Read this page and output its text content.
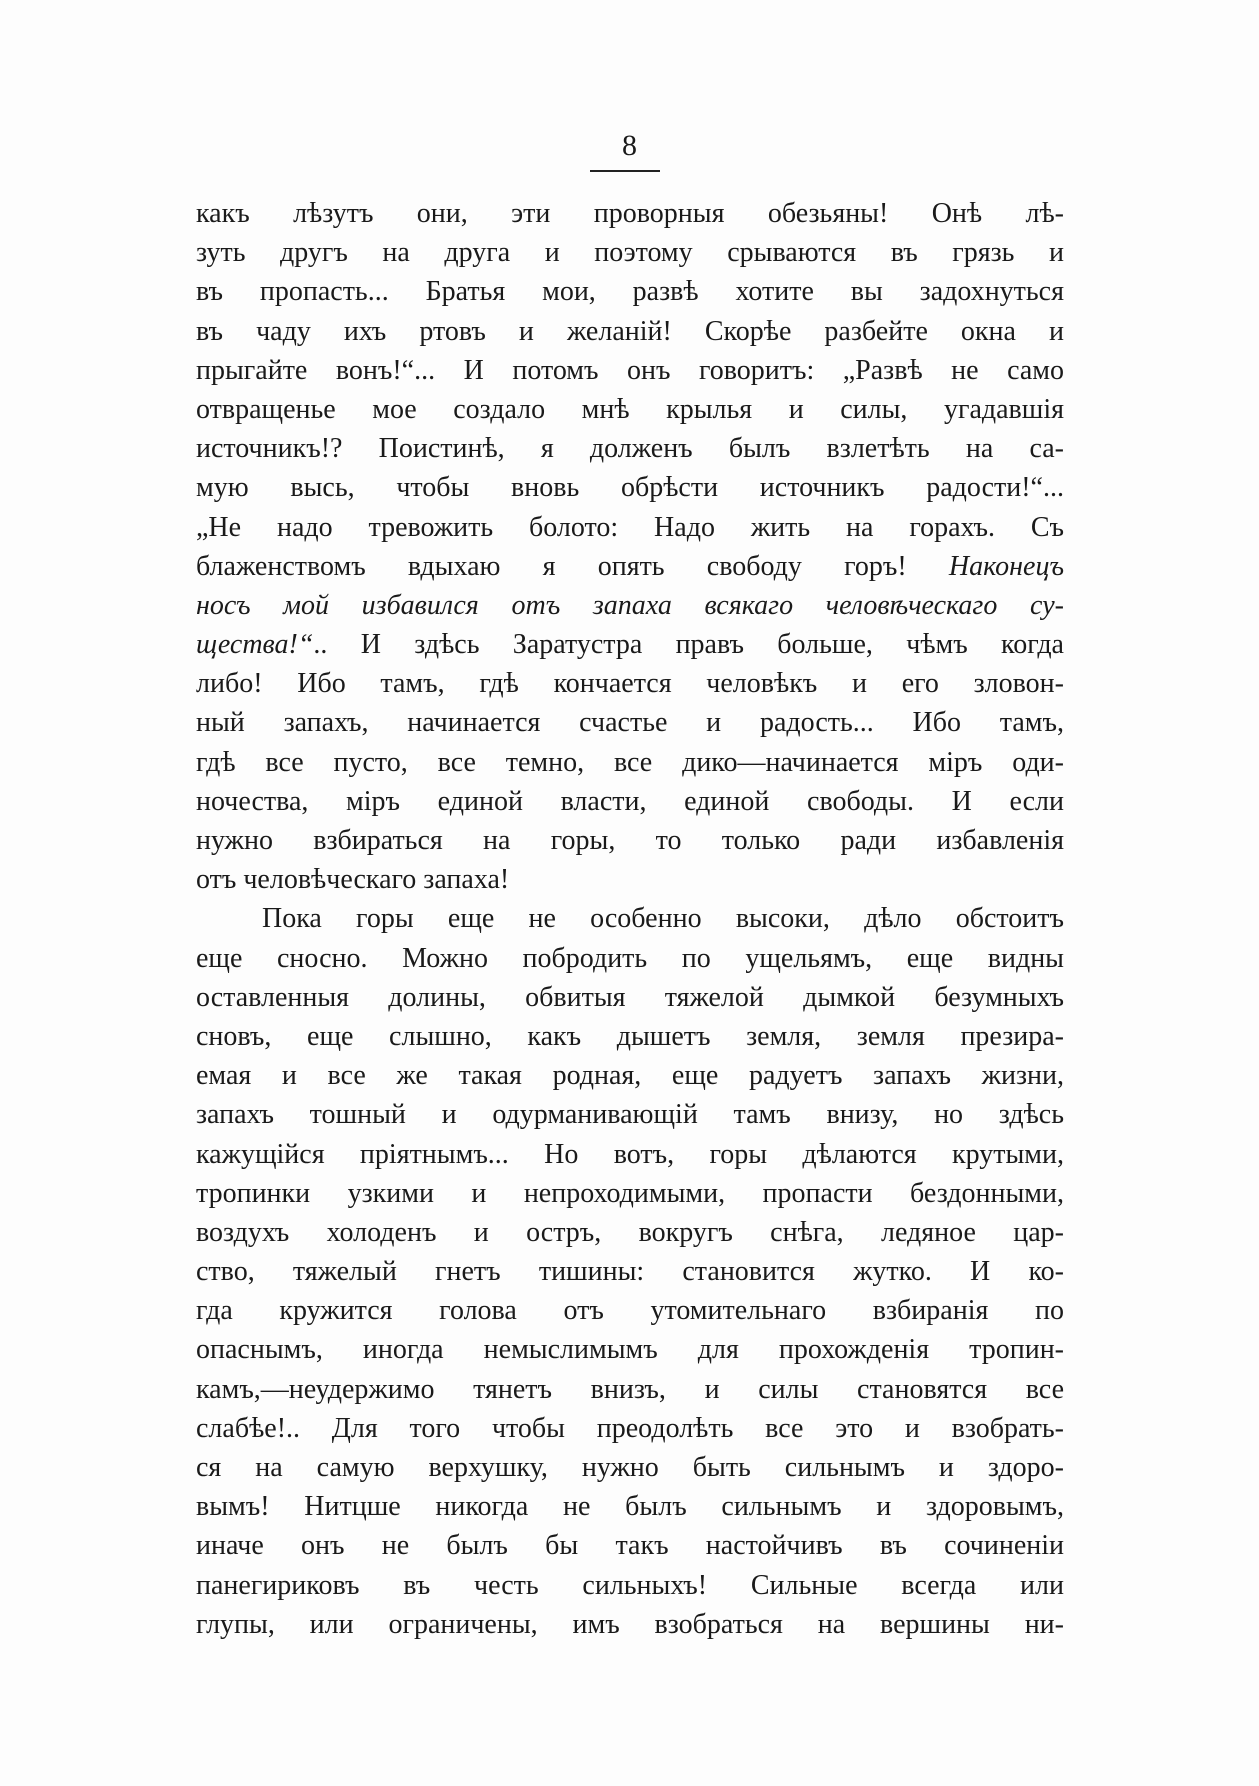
8
какъ лѣзутъ они, эти проворныя обезьяны! Онѣ лѣ-
зуть другъ на друга и поэтому срываются въ грязь и
въ пропасть... Братья мои, развѣ хотите вы задохнуться
въ чаду ихъ ртовъ и желаній! Скорѣе разбейте окна и
прыгайте вонъ!“... И потомъ онъ говоритъ: „Развѣ не само
отвращенье мое создало мнѣ крылья и силы, угадавшія
источникъ!? Поистинѣ, я долженъ былъ взлетѣть на са-
мую высь, чтобы вновь обрѣсти источникъ радости!“...
„Не надо тревожить болото: Надо жить на горахъ. Съ
блаженствомъ вдыхаю я опять свободу горъ! Наконецъ
носъ мой избавился отъ запаха всякаго человѣческаго су-
щества!“.. И здѣсь Заратустра правъ больше, чѣмъ когда
либо! Ибо тамъ, гдѣ кончается человѣкъ и его зловон-
ный запахъ, начинается счастье и радость... Ибо тамъ,
гдѣ все пусто, все темно, все дико—начинается міръ оди-
ночества, міръ единой власти, единой свободы. И если
нужно взбираться на горы, то только ради избавленія
отъ человѣческаго запаха!
Пока горы еще не особенно высоки, дѣло обстоитъ
еще сносно. Можно побродить по ущельямъ, еще видны
оставленныя долины, обвитыя тяжелой дымкой безумныхъ
сновъ, еще слышно, какъ дышетъ земля, земля презира-
емая и все же такая родная, еще радуетъ запахъ жизни,
запахъ тошный и одурманивающій тамъ внизу, но здѣсь
кажущійся пріятнымъ... Но вотъ, горы дѣлаются крутыми,
тропинки узкими и непроходимыми, пропасти бездонными,
воздухъ холоденъ и остръ, вокругъ снѣга, ледяное цар-
ство, тяжелый гнетъ тишины: становится жутко. И ко-
гда кружится голова отъ утомительнаго взбиранія по
опаснымъ, иногда немыслимымъ для прохожденія тропин-
камъ,—неудержимо тянетъ внизъ, и силы становятся все
слабѣе!.. Для того чтобы преодолѣть все это и взобрать-
ся на самую верхушку, нужно быть сильнымъ и здоро-
вымъ! Нитцше никогда не былъ сильнымъ и здоровымъ,
иначе онъ не былъ бы такъ настойчивъ въ сочиненіи
панегириковъ въ честь сильныхъ! Сильные всегда или
глупы, или ограничены, имъ взобраться на вершины ни-
